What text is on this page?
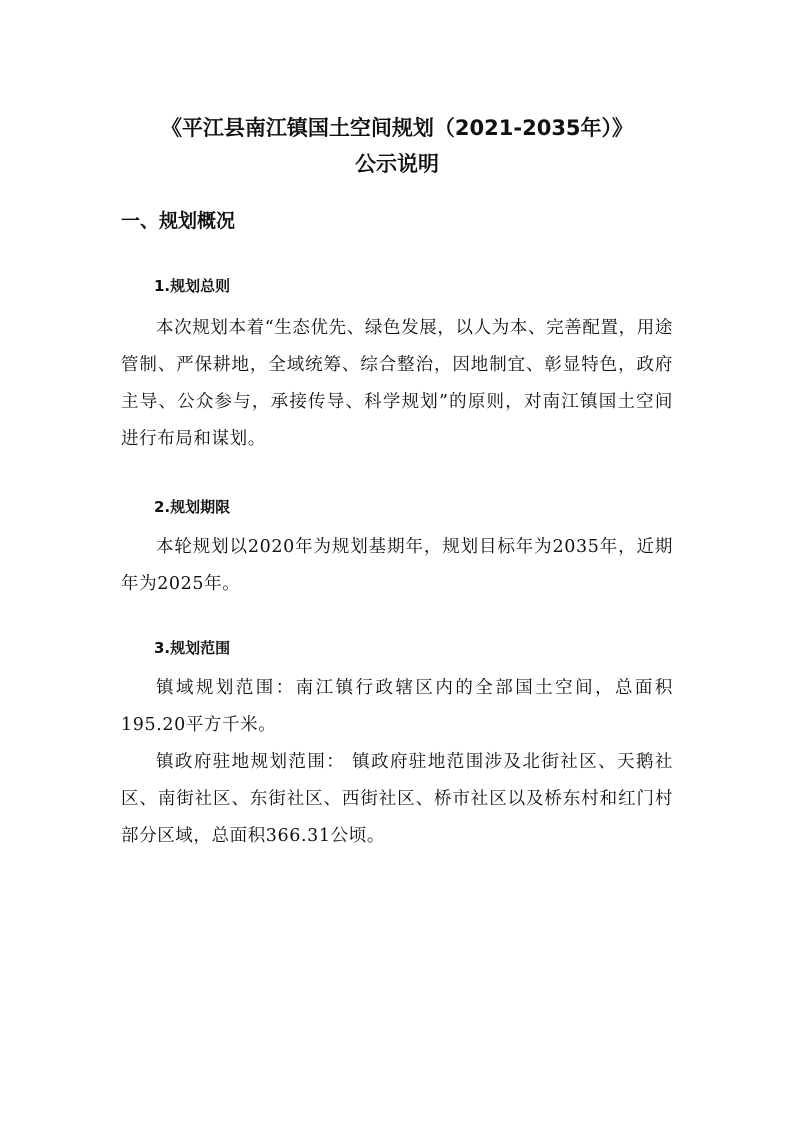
《平江县南江镇国土空间规划（2021-2035年）》
公示说明
一、规划概况
1.规划总则
本次规划本着“生态优先、绿色发展，以人为本、完善配置，用途管制、严保耕地，全域统筹、综合整治，因地制宜、彰显特色，政府主导、公众参与，承接传导、科学规划”的原则，对南江镇国土空间进行布局和谋划。
2.规划期限
本轮规划以2020年为规划基期年，规划目标年为2035年，近期年为2025年。
3.规划范围
镇域规划范围：南江镇行政辖区内的全部国土空间，总面积195.20平方千米。
镇政府驻地规划范围： 镇政府驻地范围涉及北街社区、天鹅社区、南街社区、东街社区、西街社区、桥市社区以及桥东村和红门村部分区域，总面积366.31公顷。
